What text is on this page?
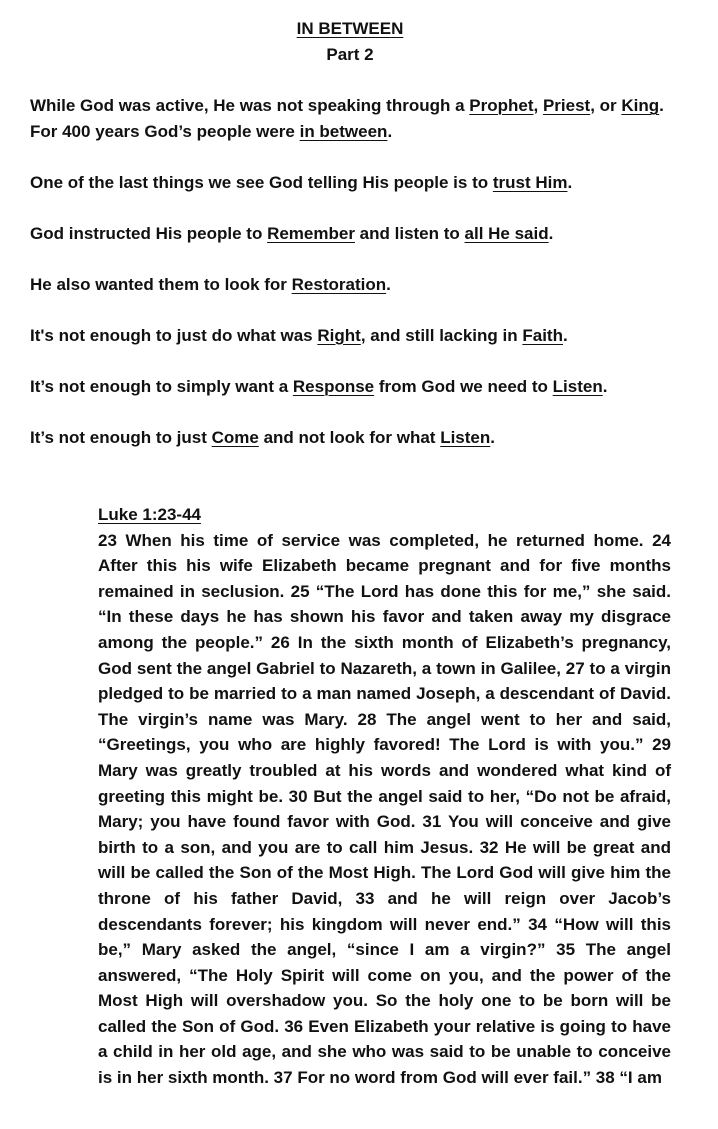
IN BETWEEN
Part 2

While God was active, He was not speaking through a Prophet, Priest, or King.

For 400 years God’s people were in between.

One of the last things we see God telling His people is to trust Him.

God instructed His people to Remember and listen to all He said.

He also wanted them to look for Restoration.

It's not enough to just do what was Right, and still lacking in Faith.

It’s not enough to simply want a Response from God we need to Listen.

It’s not enough to just Come and not look for what Listen.

Luke 1:23-44

23 When his time of service was completed, he returned home. 24 After this his wife Elizabeth became pregnant and for five months remained in seclusion. 25 “The Lord has done this for me,” she said. “In these days he has shown his favor and taken away my disgrace among the people.” 26 In the sixth month of Elizabeth’s pregnancy, God sent the angel Gabriel to Nazareth, a town in Galilee, 27 to a virgin pledged to be married to a man named Joseph, a descendant of David. The virgin’s name was Mary. 28 The angel went to her and said, “Greetings, you who are highly favored! The Lord is with you.” 29 Mary was greatly troubled at his words and wondered what kind of greeting this might be. 30 But the angel said to her, “Do not be afraid, Mary; you have found favor with God. 31 You will conceive and give birth to a son, and you are to call him Jesus. 32 He will be great and will be called the Son of the Most High. The Lord God will give him the throne of his father David, 33 and he will reign over Jacob’s descendants forever; his kingdom will never end.” 34 “How will this be,” Mary asked the angel, “since I am a virgin?” 35 The angel answered, “The Holy Spirit will come on you, and the power of the Most High will overshadow you. So the holy one to be born will be called the Son of God. 36 Even Elizabeth your relative is going to have a child in her old age, and she who was said to be unable to conceive is in her sixth month. 37 For no word from God will ever fail.” 38 “I am
